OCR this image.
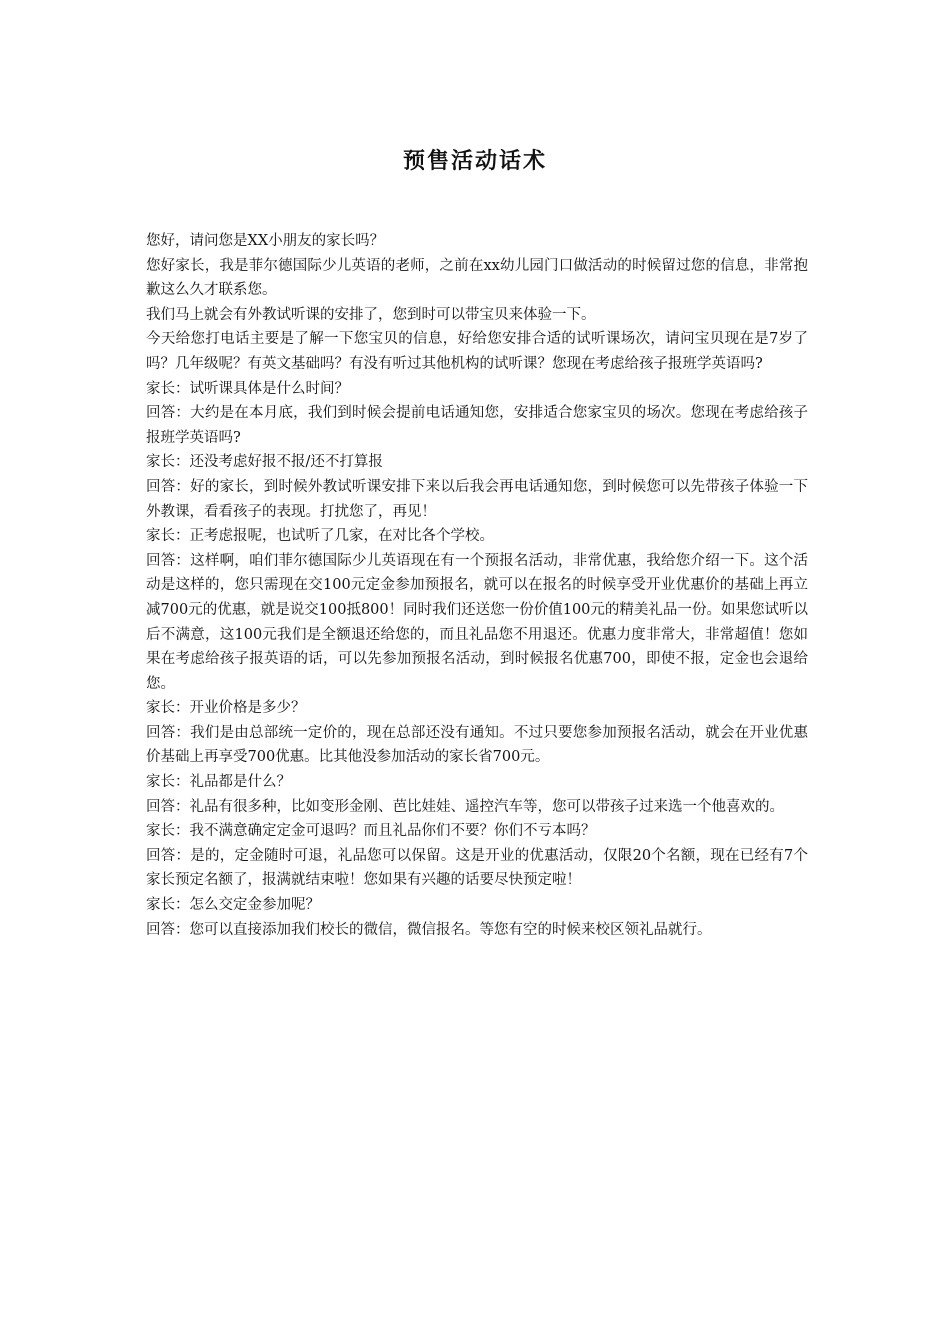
预售活动话术

您好，请问您是XX小朋友的家长吗？

您好家长，我是菲尔德国际少儿英语的老师，之前在xx幼儿园门口做活动的时候留过您的信息，非常抱歉这么久才联系您。

我们马上就会有外教试听课的安排了，您到时可以带宝贝来体验一下。

今天给您打电话主要是了解一下您宝贝的信息，好给您安排合适的试听课场次，请问宝贝现在是7岁了吗？几年级呢？有英文基础吗？有没有听过其他机构的试听课？您现在考虑给孩子报班学英语吗?

家长：试听课具体是什么时间？

回答：大约是在本月底，我们到时候会提前电话通知您，安排适合您家宝贝的场次。您现在考虑给孩子报班学英语吗?

家长：还没考虑好报不报/还不打算报

回答：好的家长，到时候外教试听课安排下来以后我会再电话通知您，到时候您可以先带孩子体验一下外教课，看看孩子的表现。打扰您了，再见！

家长：正考虑报呢，也试听了几家，在对比各个学校。

回答：这样啊，咱们菲尔德国际少儿英语现在有一个预报名活动，非常优惠，我给您介绍一下。这个活动是这样的，您只需现在交100元定金参加预报名，就可以在报名的时候享受开业优惠价的基础上再立减700元的优惠，就是说交100抵800！同时我们还送您一份价值100元的精美礼品一份。如果您试听以后不满意，这100元我们是全额退还给您的，而且礼品您不用退还。优惠力度非常大，非常超值！您如果在考虑给孩子报英语的话，可以先参加预报名活动，到时候报名优惠700，即使不报，定金也会退给您。

家长：开业价格是多少？

回答：我们是由总部统一定价的，现在总部还没有通知。不过只要您参加预报名活动，就会在开业优惠价基础上再享受700优惠。比其他没参加活动的家长省700元。

家长：礼品都是什么？

回答：礼品有很多种，比如变形金刚、芭比娃娃、遥控汽车等，您可以带孩子过来选一个他喜欢的。

家长：我不满意确定定金可退吗？而且礼品你们不要？你们不亏本吗？

回答：是的，定金随时可退，礼品您可以保留。这是开业的优惠活动，仅限20个名额，现在已经有7个家长预定名额了，报满就结束啦！您如果有兴趣的话要尽快预定啦！

家长：怎么交定金参加呢？

回答：您可以直接添加我们校长的微信，微信报名。等您有空的时候来校区领礼品就行。
